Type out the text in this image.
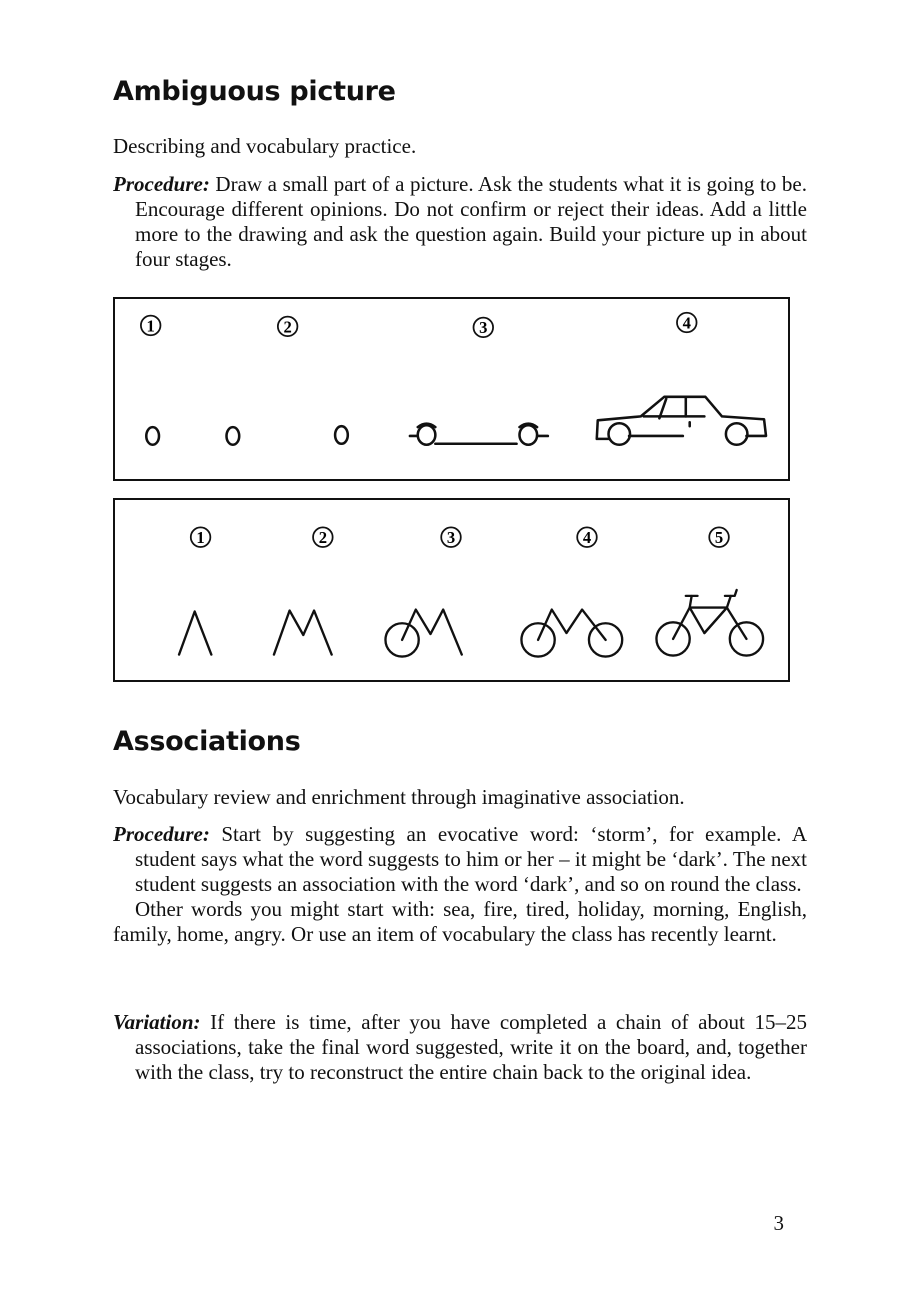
Ambiguous picture

Describing and vocabulary practice.

Procedure: Draw a small part of a picture. Ask the students what it is going to be. Encourage different opinions. Do not confirm or reject their ideas. Add a little more to the drawing and ask the question again. Build your picture up in about four stages.

1	2	3	4
1	2	3	4	5
Associations

Vocabulary review and enrichment through imaginative association.

Procedure: Start by suggesting an evocative word: ‘storm’, for example. A student says what the word suggests to him or her – it might be ‘dark’. The next student suggests an association with the word ‘dark’, and so on round the class.
Other words you might start with: sea, fire, tired, holiday, morning, English, family, home, angry. Or use an item of vocabulary the class has recently learnt.

Variation: If there is time, after you have completed a chain of about 15–25 associations, take the final word suggested, write it on the board, and, together with the class, try to reconstruct the entire chain back to the original idea.

3
